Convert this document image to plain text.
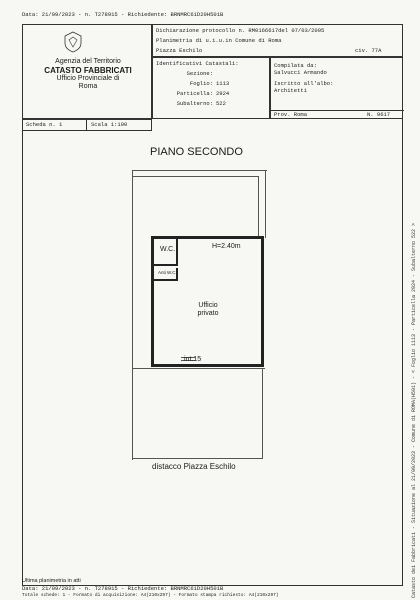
Data: 21/09/2023 - n. T278915 - Richiedente: BRNMRC61D20H501B
Agenzia del Territorio
CATASTO FABBRICATI
Ufficio Provinciale di
Roma
Dichiarazione protocollo n. RM0166617del 07/03/2005
Planimetria di u.i.u.in Comune di Roma
Piazza Eschilo	civ. 77A
Identificativi Catastali:
Sezione:
Foglio: 1113
Particella: 2924
Subalterno: 522
Compilata da:
Salvucci Armando
Iscritto all'albo:
Architetti
Prov. Roma	N. 9617
Scheda n. 1	Scala 1:100
PIANO SECONDO
W.C.
Anti W.C.
H=2.40m
Ufficio
privato
int.15
distacco Piazza Eschilo
Ultima planimetria in atti
Data: 21/09/2023 - n. T278915 - Richiedente: BRNMRC61D20H501B
Totale schede: 1 - Formato di acquisizione: A4(210x297) - Formato stampa richiesto: A4(210x297)	Catasto dei Fabbricati - Situazione al 21/09/2023 - Comune di ROMA(H501) - < Foglio 1113 - Particella 2924 - Subalterno 522 >
